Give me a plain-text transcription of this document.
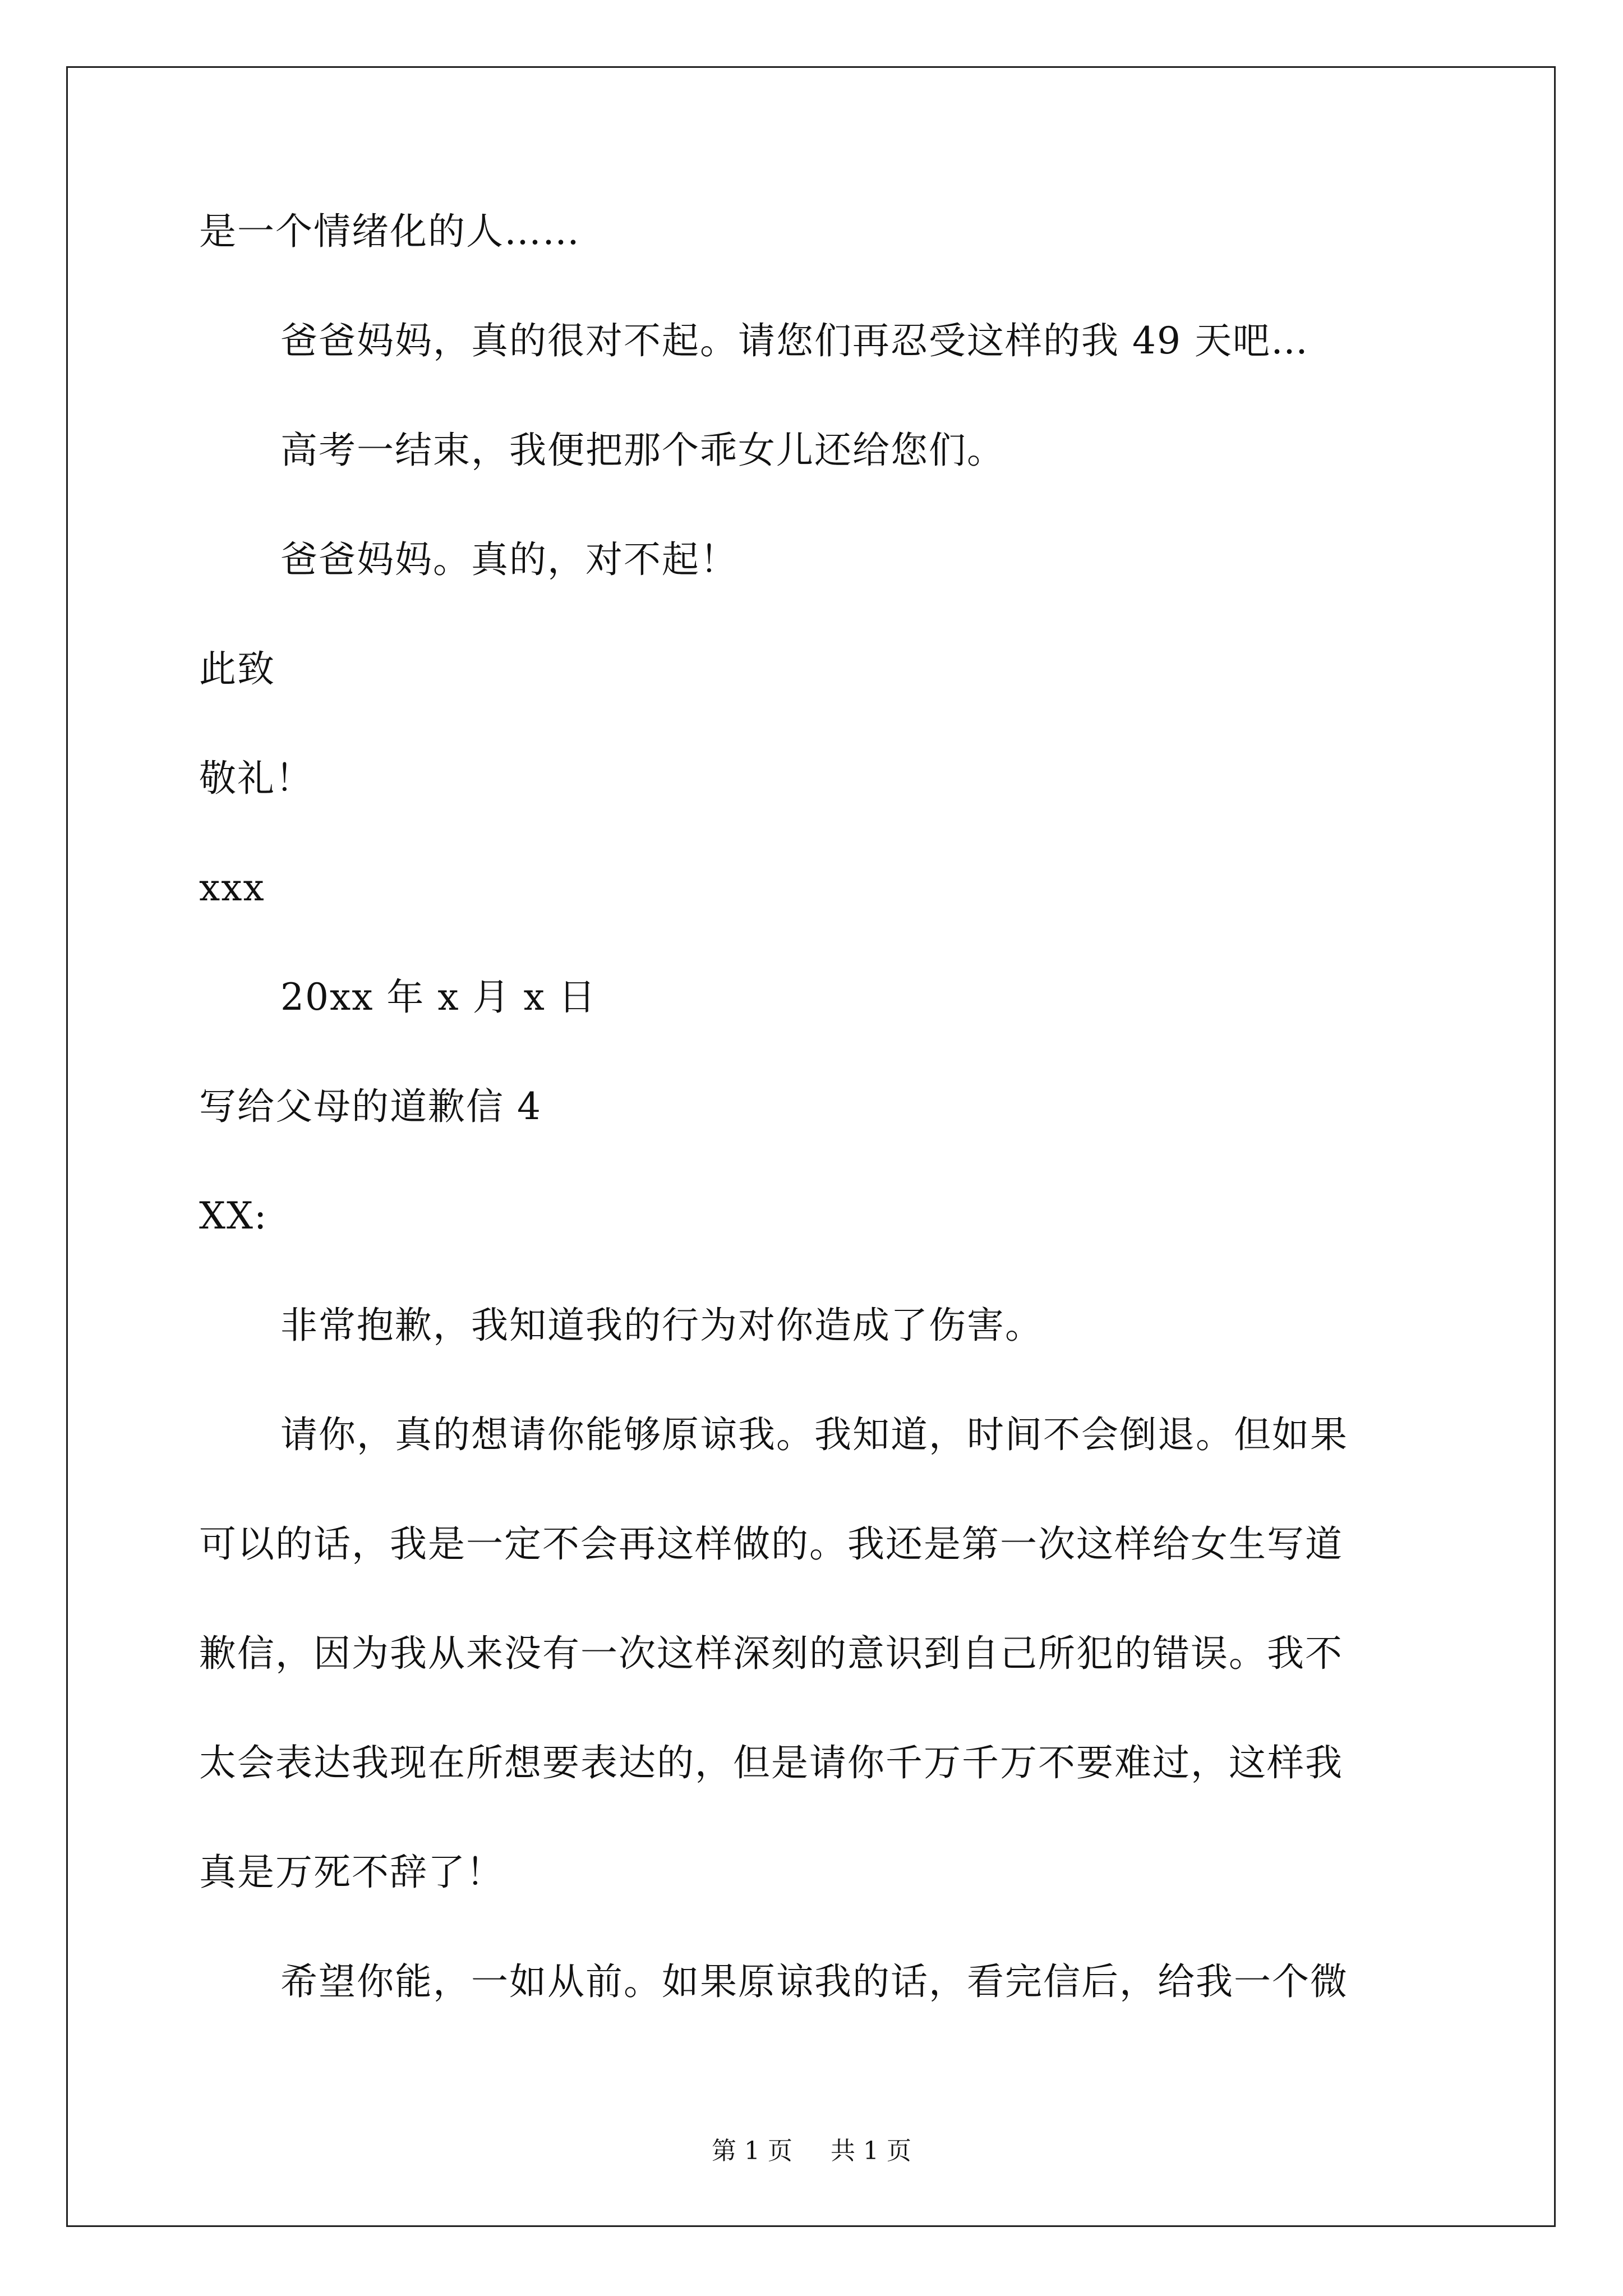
是一个情绪化的人……
爸爸妈妈，真的很对不起。请您们再忍受这样的我 49 天吧…
高考一结束，我便把那个乖女儿还给您们。
爸爸妈妈。真的，对不起！
此致
敬礼！
xxx
20xx 年 x 月 x 日
写给父母的道歉信 4
XX:
非常抱歉，我知道我的行为对你造成了伤害。
请你，真的想请你能够原谅我。我知道，时间不会倒退。但如果
可以的话，我是一定不会再这样做的。我还是第一次这样给女生写道
歉信，因为我从来没有一次这样深刻的意识到自己所犯的错误。我不
太会表达我现在所想要表达的，但是请你千万千万不要难过，这样我
真是万死不辞了！
希望你能，一如从前。如果原谅我的话，看完信后，给我一个微
第 1 页 共 1 页
